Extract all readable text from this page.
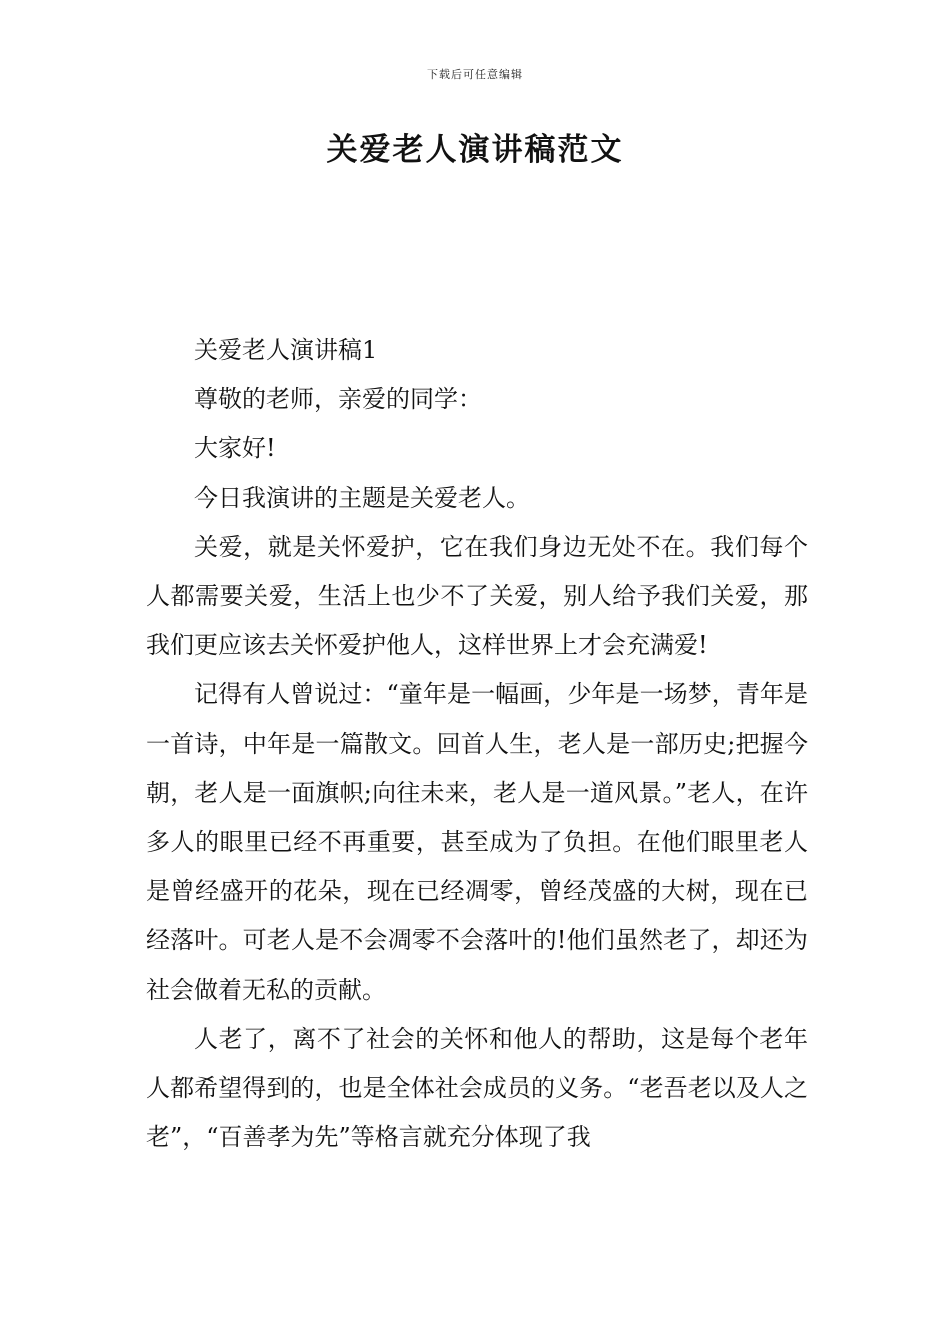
下载后可任意编辑
关爱老人演讲稿范文

关爱老人演讲稿1

尊敬的老师，亲爱的同学：

大家好!

今日我演讲的主题是关爱老人。

关爱，就是关怀爱护，它在我们身边无处不在。我们每个人都需要关爱，生活上也少不了关爱，别人给予我们关爱，那我们更应该去关怀爱护他人，这样世界上才会充满爱!

记得有人曾说过：“童年是一幅画，少年是一场梦，青年是一首诗，中年是一篇散文。回首人生，老人是一部历史;把握今朝，老人是一面旗帜;向往未来，老人是一道风景。”老人，在许多人的眼里已经不再重要，甚至成为了负担。在他们眼里老人是曾经盛开的花朵，现在已经凋零，曾经茂盛的大树，现在已经落叶。可老人是不会凋零不会落叶的!他们虽然老了，却还为社会做着无私的贡献。

人老了，离不了社会的关怀和他人的帮助，这是每个老年人都希望得到的，也是全体社会成员的义务。“老吾老以及人之老”，“百善孝为先”等格言就充分体现了我
